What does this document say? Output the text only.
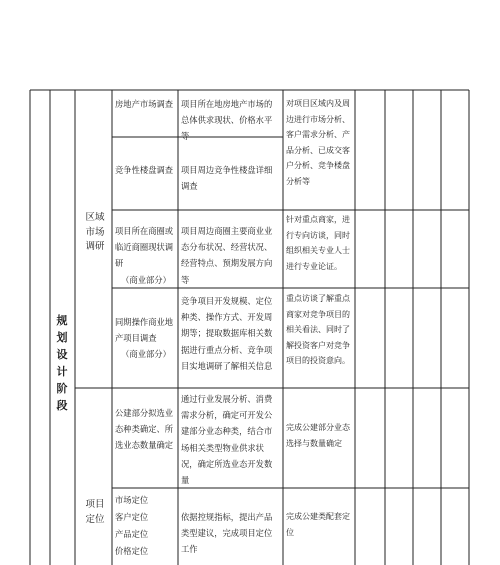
规
划
设
计
阶
段
区域
市场
调研
项目
定位
房地产市场调查 项目所在地房地产市场的总体供求现状、价格水平等
对项目区域内及周边进行市场分析、客户需求分析、产品分析、已成交客户分析、竞争楼盘分析等
竞争性楼盘调查 项目周边竞争性楼盘详细调查
项目所在商圈或临近商圈现状调研
（商业部分）
项目周边商圈主要商业业态分布状况、经营状况、经营特点、预期发展方向等
针对重点商家，进行专向访谈，同时组织相关专业人士进行专业论证。
同期操作商业地产项目调查
（商业部分）
竞争项目开发规模、定位种类、操作方式、开发周期等；提取数据库相关数据进行重点分析、竞争项目实地调研了解相关信息
重点访谈了解重点商家对竞争项目的相关看法、同时了解投资客户对竞争项目的投资意向。
公建部分拟选业态种类确定、所选业态数量确定
通过行业发展分析、消费需求分析，确定可开发公建部分业态种类，结合市场相关类型物业供求状况，确定所选业态开发数量
完成公建部分业态选择与数量确定
市场定位
客户定位
产品定位
价格定位
依据控规指标，提出产品类型建议，完成项目定位工作
完成公建类配套定位
